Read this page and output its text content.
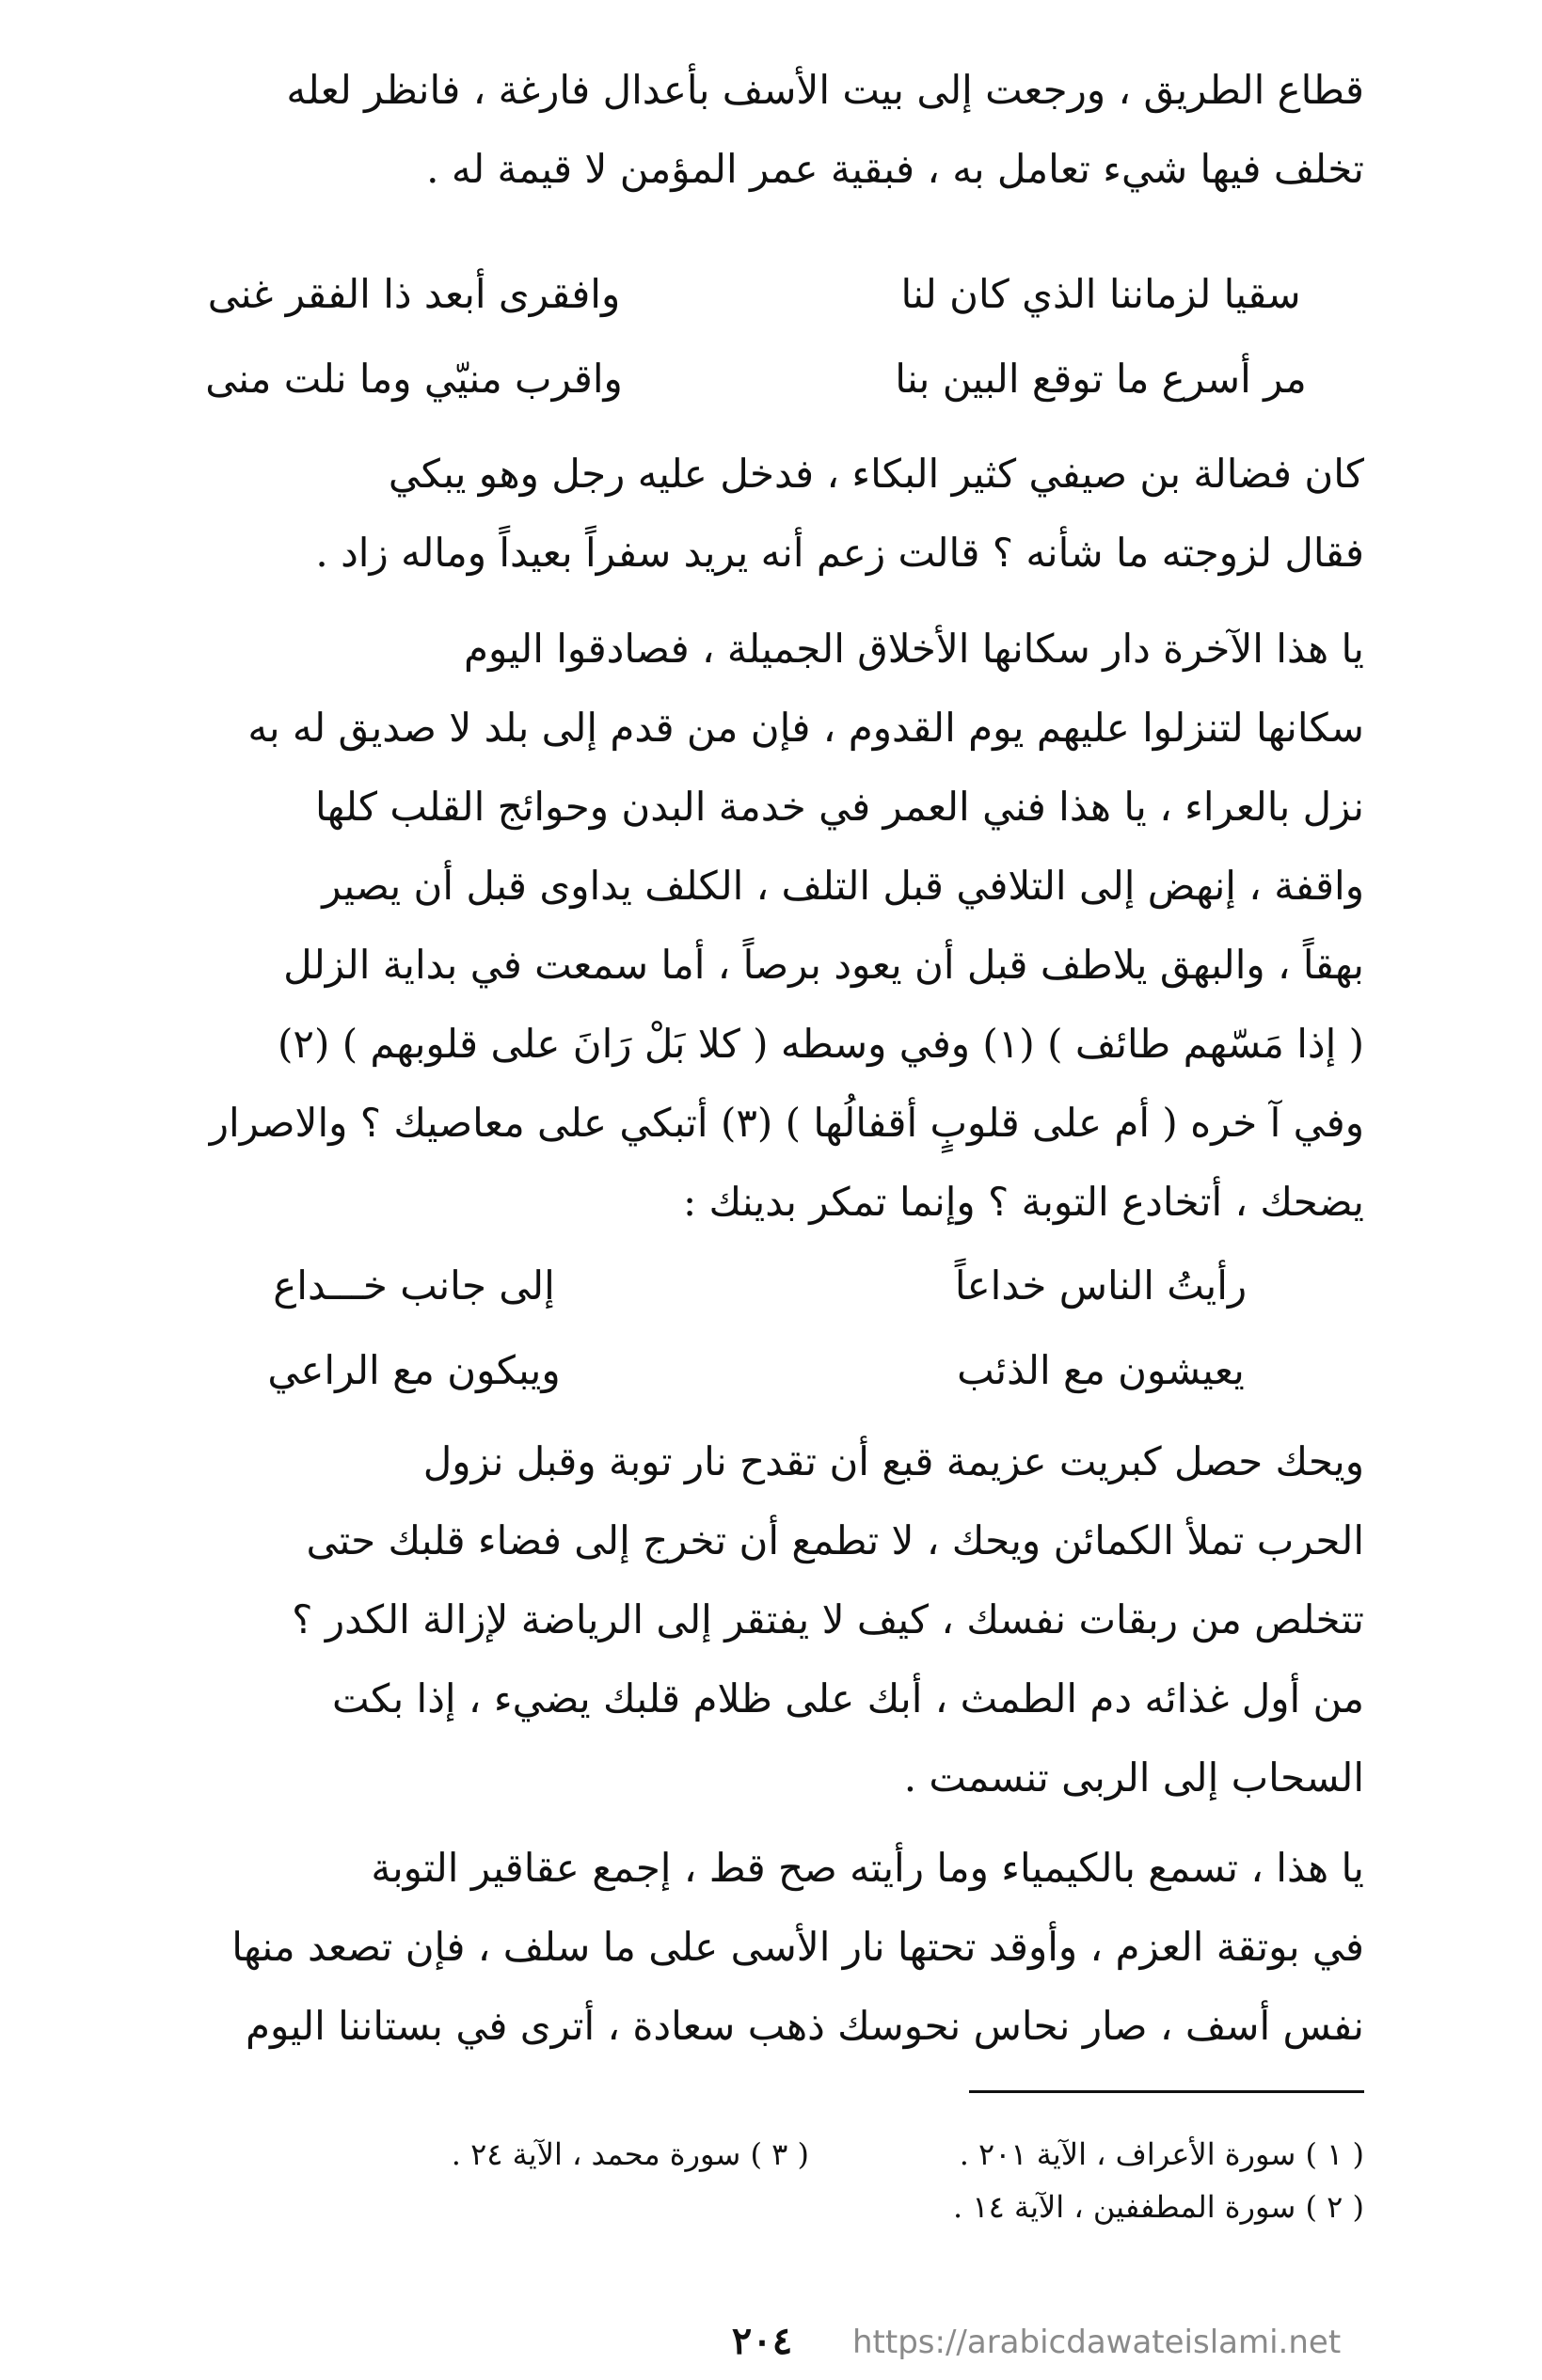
قطاع الطريق ، ورجعت إلى بيت الأسف بأعدال فارغة ، فانظر لعله
تخلف فيها شيء تعامل به ، فبقية عمر المؤمن لا قيمة له .
سقيا لزماننا الذي كان لنا
وافقرى أبعد ذا الفقر غنى
مر أسرع ما توقع البين بنا
واقرب منيّي وما نلت منى
كان فضالة بن صيفي كثير البكاء ، فدخل عليه رجل وهو يبكي
فقال لزوجته ما شأنه ؟ قالت زعم أنه يريد سفراً بعيداً وماله زاد .
يا هذا الآخرة دار سكانها الأخلاق الجميلة ، فصادقوا اليوم
سكانها لتنزلوا عليهم يوم القدوم ، فإن من قدم إلى بلد لا صديق له به
نزل بالعراء ، يا هذا فني العمر في خدمة البدن وحوائج القلب كلها
واقفة ، إنهض إلى التلافي قبل التلف ، الكلف يداوى قبل أن يصير
بهقاً ، والبهق يلاطف قبل أن يعود برصاً ، أما سمعت في بداية الزلل
( إذا مَسّهم طائف ) (١) وفي وسطه ( كلا بَلْ رَانَ على قلوبهم ) (٢)
وفي آ خره ( أم على قلوبٍ أقفالُها ) (٣) أتبكي على معاصيك ؟ والاصرار
يضحك ، أتخادع التوبة ؟ وإنما تمكر بدينك :
رأيتُ الناس خداعاً
إلى جانب خـــداع
يعيشون مع الذئب
ويبكون مع الراعي
ويحك حصل كبريت عزيمة قبع أن تقدح نار توبة وقبل نزول
الحرب تملأ الكمائن ويحك ، لا تطمع أن تخرج إلى فضاء قلبك حتى
تتخلص من ربقات نفسك ، كيف لا يفتقر إلى الرياضة لإزالة الكدر ؟
من أول غذائه دم الطمث ، أبك على ظلام قلبك يضيء ، إذا بكت
السحاب إلى الربى تنسمت .
يا هذا ، تسمع بالكيمياء وما رأيته صح قط ، إجمع عقاقير التوبة
في بوتقة العزم ، وأوقد تحتها نار الأسى على ما سلف ، فإن تصعد منها
نفس أسف ، صار نحاس نحوسك ذهب سعادة ، أترى في بستاننا اليوم
( ١ ) سورة الأعراف ، الآية ٢٠١ .
( ٣ ) سورة محمد ، الآية ٢٤ .
( ٢ ) سورة المطففين ، الآية ١٤ .
٢٠٤	https://arabicdawateislami.net
